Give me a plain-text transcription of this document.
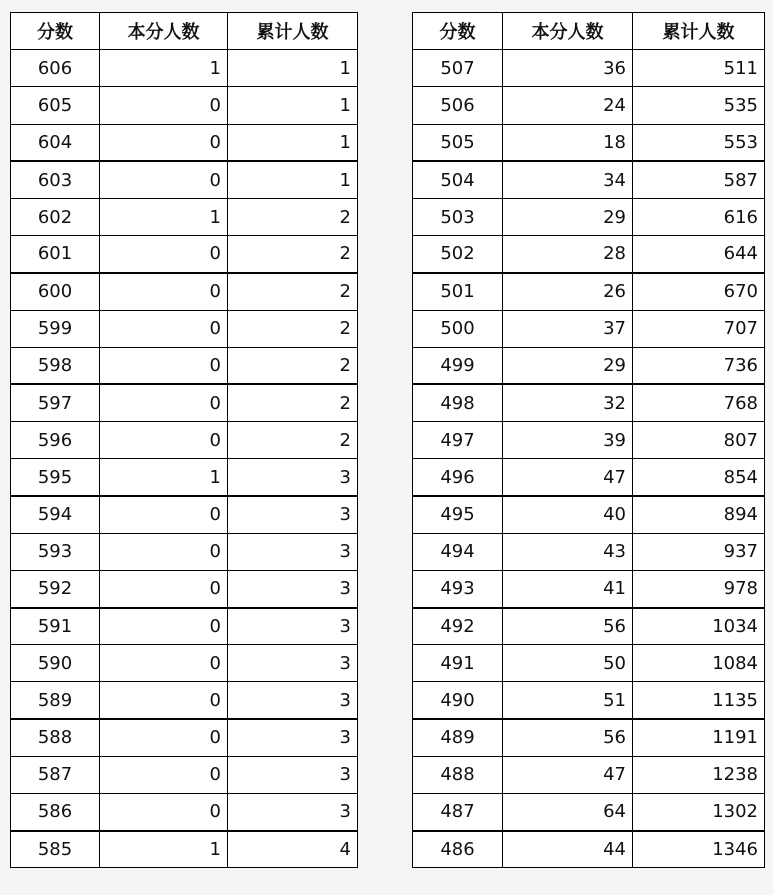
分数	本分人数	累计人数
606	1	1
605	0	1
604	0	1
603	0	1
602	1	2
601	0	2
600	0	2
599	0	2
598	0	2
597	0	2
596	0	2
595	1	3
594	0	3
593	0	3
592	0	3
591	0	3
590	0	3
589	0	3
588	0	3
587	0	3
586	0	3
585	1	4
分数	本分人数	累计人数
507	36	511
506	24	535
505	18	553
504	34	587
503	29	616
502	28	644
501	26	670
500	37	707
499	29	736
498	32	768
497	39	807
496	47	854
495	40	894
494	43	937
493	41	978
492	56	1034
491	50	1084
490	51	1135
489	56	1191
488	47	1238
487	64	1302
486	44	1346
